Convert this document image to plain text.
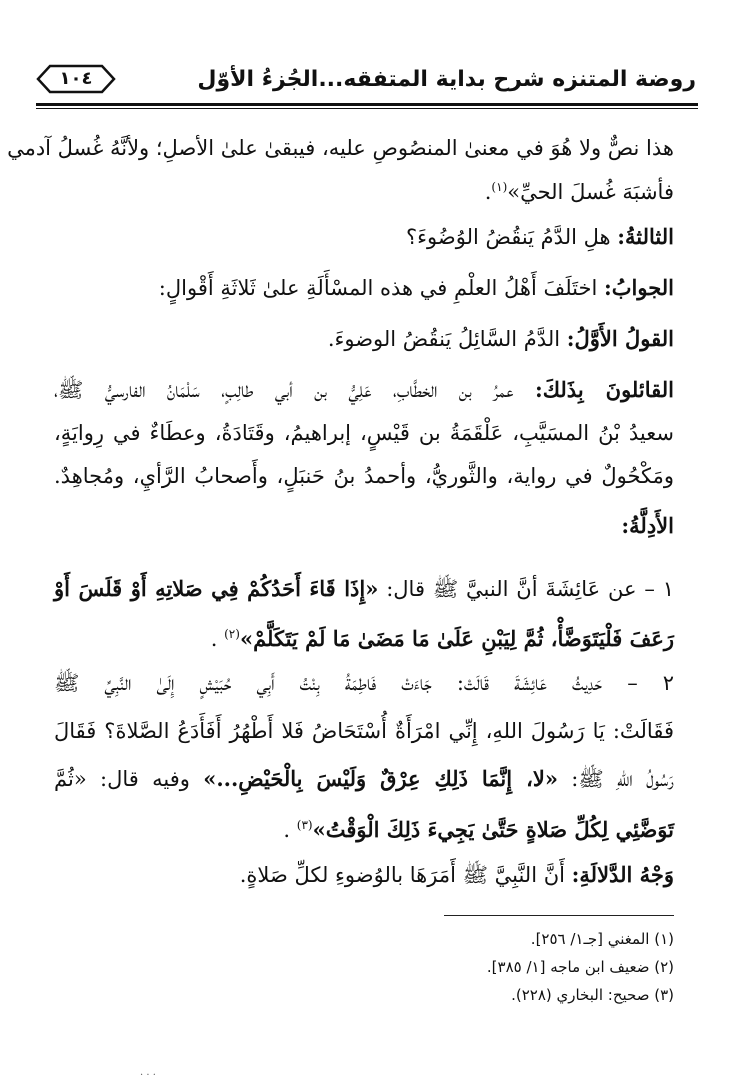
روضة المتنزه شرح بداية المتفقه...الجُزءُ الأوّل
١٠٤
هذا نصٌّ ولا هُوَ في معنىٰ المنصُوصِ عليه، فيبقىٰ علىٰ الأصلِ؛ ولأنَّهُ غُسلُ آدمي
فأشبَهَ غُسلَ الحيِّ»$^{(١)}$.
الثالثةُ: هلِ الدَّمُ يَنقُضُ الوُضُوءَ؟
الجوابُ: اختَلَفَ أَهْلُ العلْمِ في هذه المسْأَلَةِ علىٰ ثَلاثَةِ أَقْوالٍ:
القولُ الأَوَّلُ: الدَّمُ السَّائِلُ يَنقُضُ الوضوءَ.
القائلونَ بِذَلكَ: عمرُ بن الخطَّابِ، عَلِيُّ بن أبي طالِبٍ، سَلْمَانُ الفارسيُّ ﷺ،
سعيدُ بْنُ المسَيَّبِ، عَلْقَمَةُ بن قَيْسٍ، إبراهيمُ، وقَتَادَةُ، وعطَاءٌ في رِوايَةٍ،
ومَكْحُولٌ في رواية، والثَّوريُّ، وأحمدُ بنُ حَنبَلٍ، وأَصحابُ الرَّأيِ، ومُجاهِدٌ.
الأَدِلَّةُ:
١ – عن عَائِشَةَ أنَّ النبيَّ ﷺ قال: «إِذَا قَاءَ أَحَدُكُمْ فِي صَلاتِهِ أَوْ قَلَسَ أَوْ
رَعَفَ فَلْيَتَوَضَّأْ، ثُمَّ لِيَبْنِ عَلَىٰ مَا مَضَىٰ مَا لَمْ يَتَكَلَّمْ»$^{(٢)}$ .
٢ – حَدِيثُ عَائِشَةَ قَالَتْ: جَاءَتْ فَاطِمَةُ بِنْتُ أَبِي حُبَيْشٍ إِلَىٰ النَّبِيِّ ﷺ
فَقَالَتْ: يَا رَسُولَ اللهِ، إِنِّي امْرَأَةٌ أُسْتَحَاضُ فَلا أَطْهُرُ أَفَأَدَعُ الصَّلاةَ؟ فَقَالَ
رَسُولُ اللهِ ﷺ: «لا، إِنَّمَا ذَلِكِ عِرْقٌ وَلَيْسَ بِالْحَيْضِ...» وفيه قال: «ثُمَّ
تَوَضَّئِي لِكُلِّ صَلاةٍ حَتَّىٰ يَجِيءَ ذَلِكَ الْوَقْتُ»$^{(٣)}$ .
وَجْهُ الدَّلالَةِ: أَنَّ النَّبِيَّ ﷺ أَمَرَهَا بالوُضوءِ لكلِّ صَلاةٍ.
(١) المغني [جـ١/ ٢٥٦].
(٢) ضعيف ابن ماجه [١/ ٣٨٥].
(٣) صحيح: البخاري (٢٢٨).
· · ·
